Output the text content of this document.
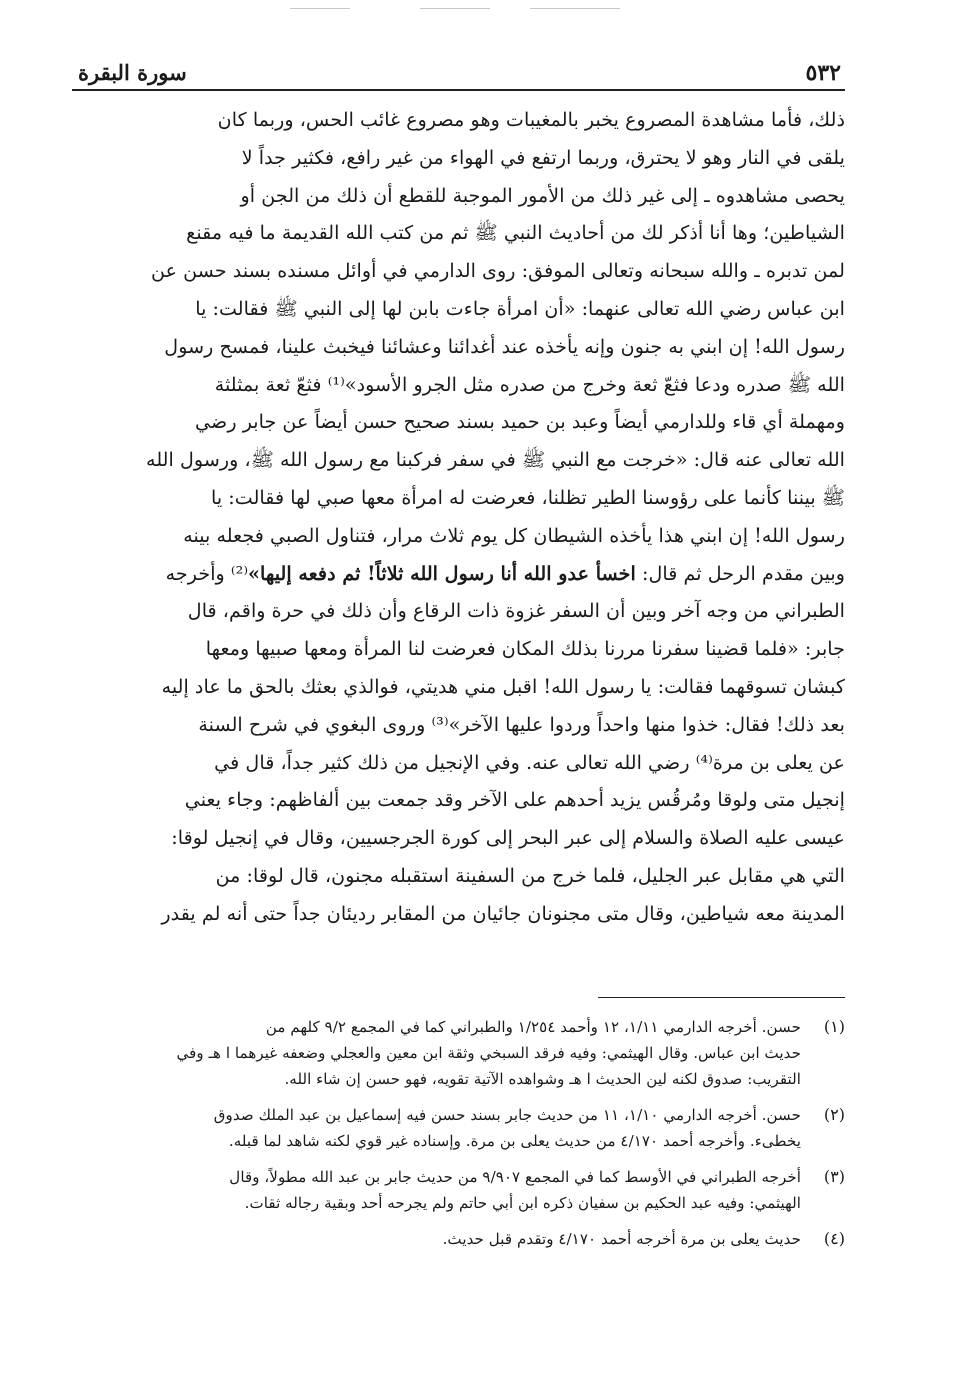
٥٣٢
سورة البقرة
ذلك، فأما مشاهدة المصروع يخبر بالمغيبات وهو مصروع غائب الحس، وربما كان
يلقى في النار وهو لا يحترق، وربما ارتفع في الهواء من غير رافع، فكثير جداً لا
يحصى مشاهدوه ـ إلى غير ذلك من الأمور الموجبة للقطع أن ذلك من الجن أو
الشياطين؛ وها أنا أذكر لك من أحاديث النبي ﷺ ثم من كتب الله القديمة ما فيه مقنع
لمن تدبره ـ والله سبحانه وتعالى الموفق: روى الدارمي في أوائل مسنده بسند حسن عن
ابن عباس رضي الله تعالى عنهما: «أن امرأة جاءت بابن لها إلى النبي ﷺ فقالت: يا
رسول الله! إن ابني به جنون وإنه يأخذه عند أغدائنا وعشائنا فيخبث علينا، فمسح رسول
الله ﷺ صدره ودعا فثعّ ثعة وخرج من صدره مثل الجرو الأسود»⁽¹⁾ فثعّ ثعة بمثلثة
ومهملة أي قاء وللدارمي أيضاً وعبد بن حميد بسند صحيح حسن أيضاً عن جابر رضي
الله تعالى عنه قال: «خرجت مع النبي ﷺ في سفر فركبنا مع رسول الله ﷺ، ورسول الله
ﷺ بيننا كأنما على رؤوسنا الطير تظلنا، فعرضت له امرأة معها صبي لها فقالت: يا
رسول الله! إن ابني هذا يأخذه الشيطان كل يوم ثلاث مرار، فتناول الصبي فجعله بينه
وبين مقدم الرحل ثم قال: اخسأ عدو الله أنا رسول الله ثلاثاً! ثم دفعه إليها»⁽²⁾ وأخرجه
الطبراني من وجه آخر وبين أن السفر غزوة ذات الرقاع وأن ذلك في حرة واقم، قال
جابر: «فلما قضينا سفرنا مررنا بذلك المكان فعرضت لنا المرأة ومعها صبيها ومعها
كبشان تسوقهما فقالت: يا رسول الله! اقبل مني هديتي، فوالذي بعثك بالحق ما عاد إليه
بعد ذلك! فقال: خذوا منها واحداً وردوا عليها الآخر»⁽³⁾ وروى البغوي في شرح السنة
عن يعلى بن مرة⁽⁴⁾ رضي الله تعالى عنه. وفي الإنجيل من ذلك كثير جداً، قال في
إنجيل متى ولوقا ومُرقُس يزيد أحدهم على الآخر وقد جمعت بين ألفاظهم: وجاء يعني
عيسى عليه الصلاة والسلام إلى عبر البحر إلى كورة الجرجسيين، وقال في إنجيل لوقا:
التي هي مقابل عبر الجليل، فلما خرج من السفينة استقبله مجنون، قال لوقا: من
المدينة معه شياطين، وقال متى مجنونان جائيان من المقابر رديئان جداً حتى أنه لم يقدر
(١)
حسن. أخرجه الدارمي ١/١١، ١٢ وأحمد ١/٢٥٤ والطبراني كما في المجمع ٩/٢ كلهم من
حديث ابن عباس. وقال الهيثمي: وفيه فرقد السبخي وثقة ابن معين والعجلي وضعفه غيرهما ا هـ وفي
التقريب: صدوق لكنه لين الحديث ا هـ وشواهده الآتية تقويه، فهو حسن إن شاء الله.
(٢)
حسن. أخرجه الدارمي ١/١٠، ١١ من حديث جابر بسند حسن فيه إسماعيل بن عبد الملك صدوق
يخطىء. وأخرجه أحمد ٤/١٧٠ من حديث يعلى بن مرة. وإسناده غير قوي لكنه شاهد لما قبله.
(٣)
أخرجه الطبراني في الأوسط كما في المجمع ٩/٩٠٧ من حديث جابر بن عبد الله مطولاً، وقال
الهيثمي: وفيه عبد الحكيم بن سفيان ذكره ابن أبي حاتم ولم يجرحه أحد وبقية رجاله ثقات.
(٤)
حديث يعلى بن مرة أخرجه أحمد ٤/١٧٠ وتقدم قبل حديث.
